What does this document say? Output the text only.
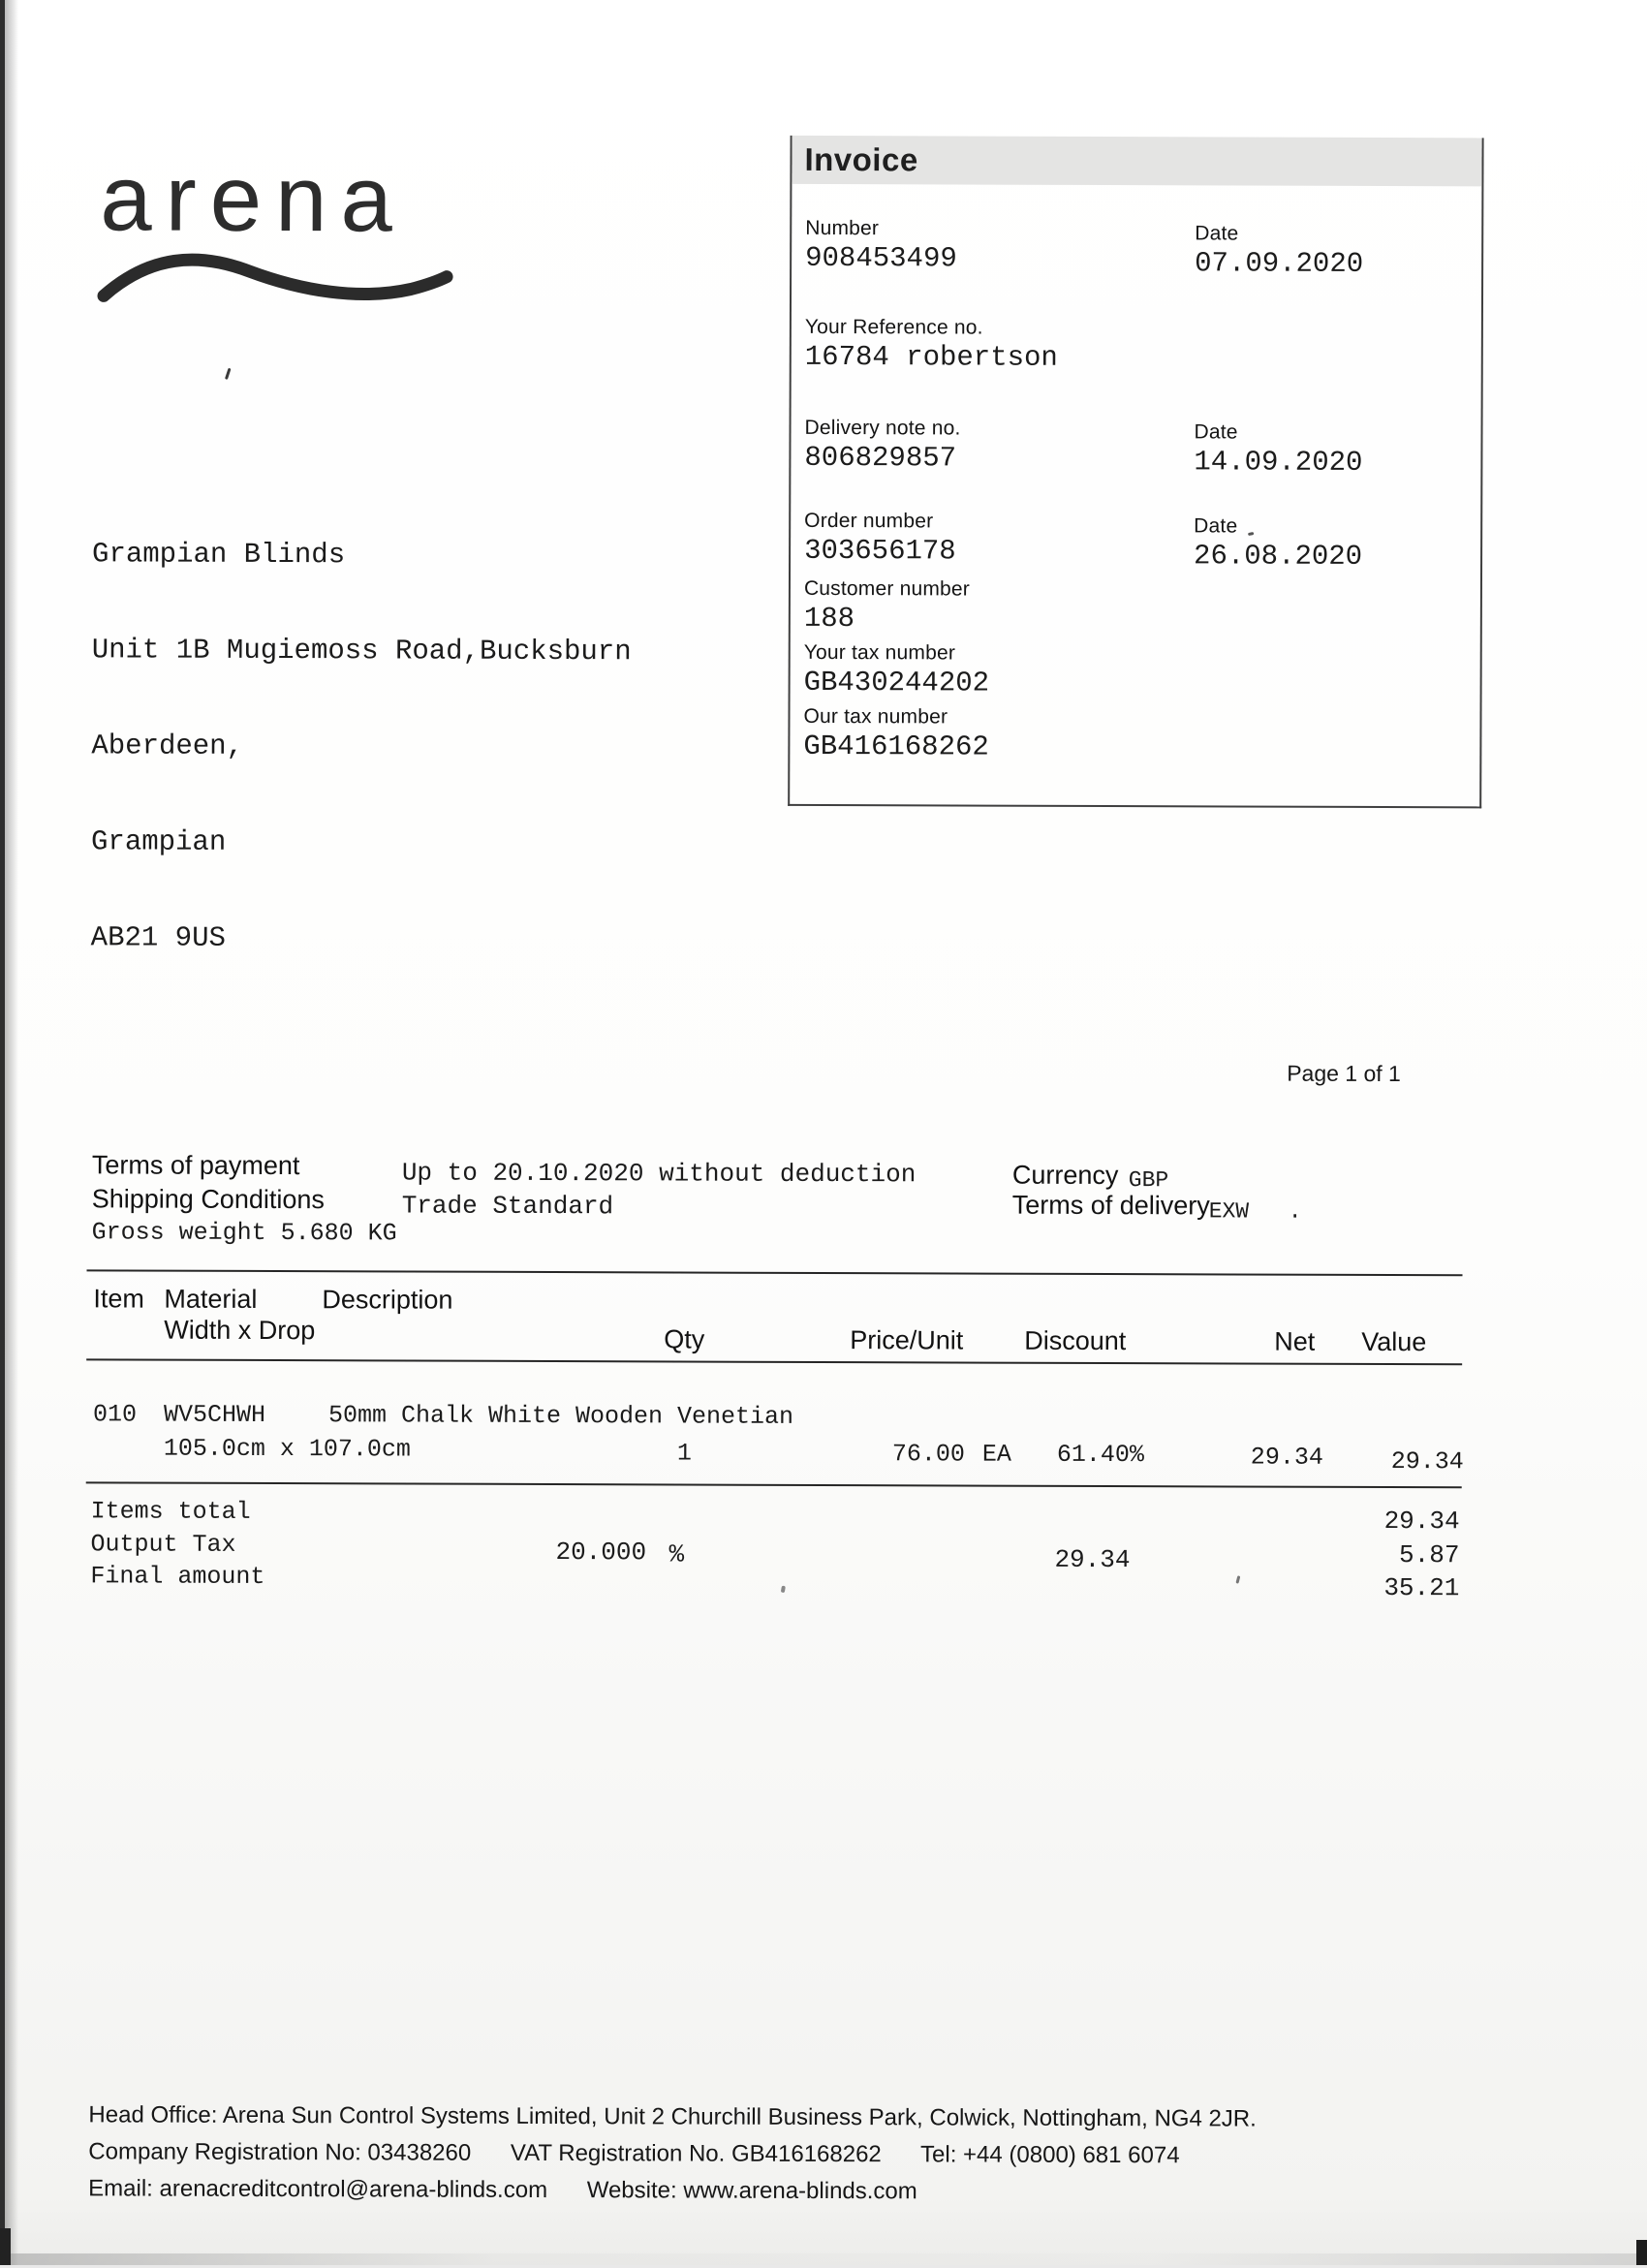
arena

Grampian Blinds

Unit 1B Mugiemoss Road,Bucksburn

Aberdeen,

Grampian

AB21 9US

Invoice
Number
908453499
Date
07.09.2020
Your Reference no.
16784 robertson
Delivery note no.
806829857
Date
14.09.2020
Order number
303656178
Date
26.08.2020
Customer number
188
Your tax number
GB430244202
Our tax number
GB416168262
Page 1 of 1
Terms of payment	Up to 20.10.2020 without deduction
Shipping Conditions	Trade Standard
Gross weight 5.680 KG
Currency GBP
Terms of delivery
EXW .
Item Material Description
Width x Drop	Qty	Price/Unit Discount	Net Value
010 WV5CHWH	50mm Chalk White Wooden Venetian
105.0cm x 107.0cm	1	76.00 EA 61.40%	29.34	29.34
Items total	29.34
Output Tax	20.000 %	29.34	5.87
Final amount	35.21
Head Office: Arena Sun Control Systems Limited, Unit 2 Churchill Business Park, Colwick, Nottingham, NG4 2JR.
Company Registration No: 03438260 VAT Registration No. GB416168262 Tel: +44 (0800) 681 6074
Email: arenacreditcontrol@arena-blinds.com Website: www.arena-blinds.com
